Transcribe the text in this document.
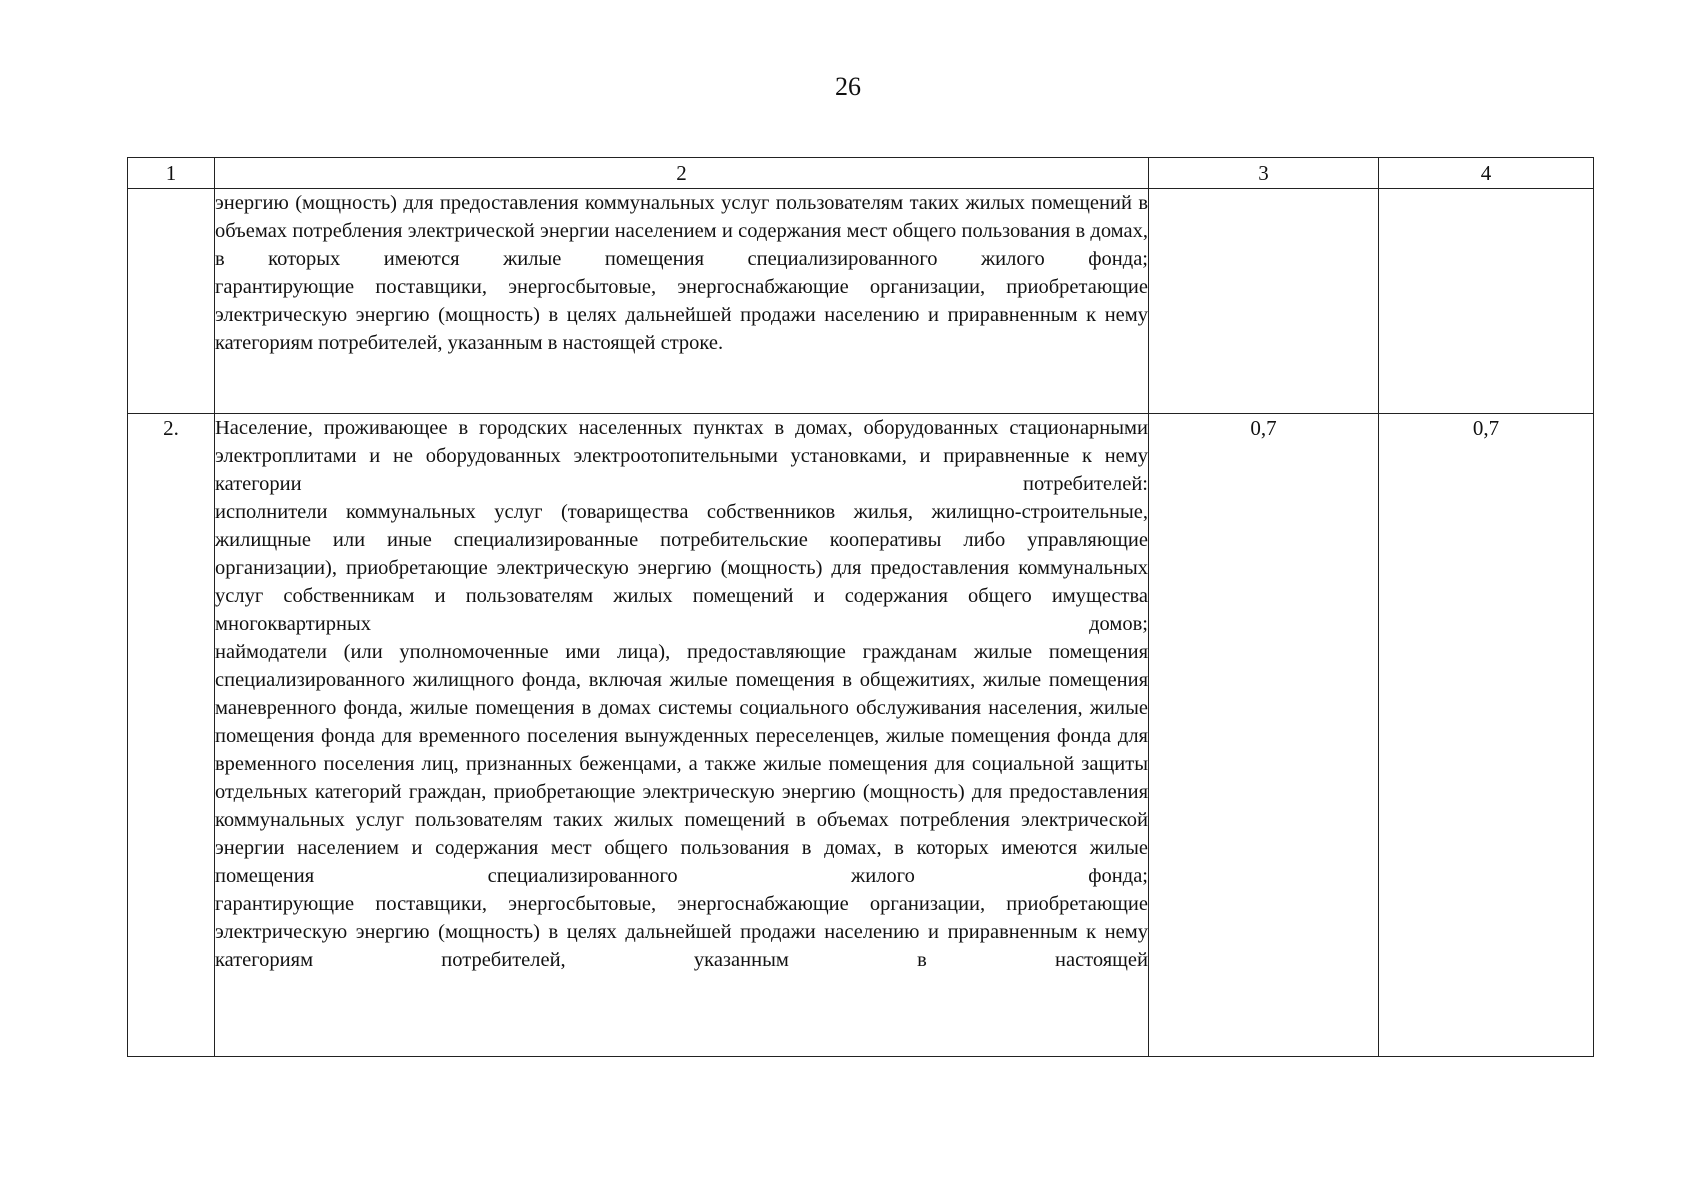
26
1	2	3	4

	энергию (мощность) для предоставления коммунальных услуг пользователям таких жилых помещений в объемах потребления электрической энергии населением и содержания мест общего пользования в домах, в которых имеются жилые помещения специализированного жилого фонда;

гарантирующие поставщики, энергосбытовые, энергоснабжающие организации, приобретающие электрическую энергию (мощность) в целях дальнейшей продажи населению и приравненным к нему категориям потребителей, указанным в настоящей строке.		

2.	Население, проживающее в городских населенных пунктах в домах, оборудованных стационарными электроплитами и не оборудованных электроотопительными установками, и приравненные к нему категории потребителей:

исполнители коммунальных услуг (товарищества собственников жилья, жилищно-строительные, жилищные или иные специализированные потребительские кооперативы либо управляющие организации), приобретающие электрическую энергию (мощность) для предоставления коммунальных услуг собственникам и пользователям жилых помещений и содержания общего имущества многоквартирных домов;

наймодатели (или уполномоченные ими лица), предоставляющие гражданам жилые помещения специализированного жилищного фонда, включая жилые помещения в общежитиях, жилые помещения маневренного фонда, жилые помещения в домах системы социального обслуживания населения, жилые помещения фонда для временного поселения вынужденных переселенцев, жилые помещения фонда для временного поселения лиц, признанных беженцами, а также жилые помещения для социальной защиты отдельных категорий граждан, приобретающие электрическую энергию (мощность) для предоставления коммунальных услуг пользователям таких жилых помещений в объемах потребления электрической энергии населением и содержания мест общего пользования в домах, в которых имеются жилые помещения специализированного жилого фонда;

гарантирующие поставщики, энергосбытовые, энергоснабжающие организации, приобретающие электрическую энергию (мощность) в целях дальнейшей продажи населению и приравненным к нему категориям потребителей, указанным в настоящей	0,7	0,7
